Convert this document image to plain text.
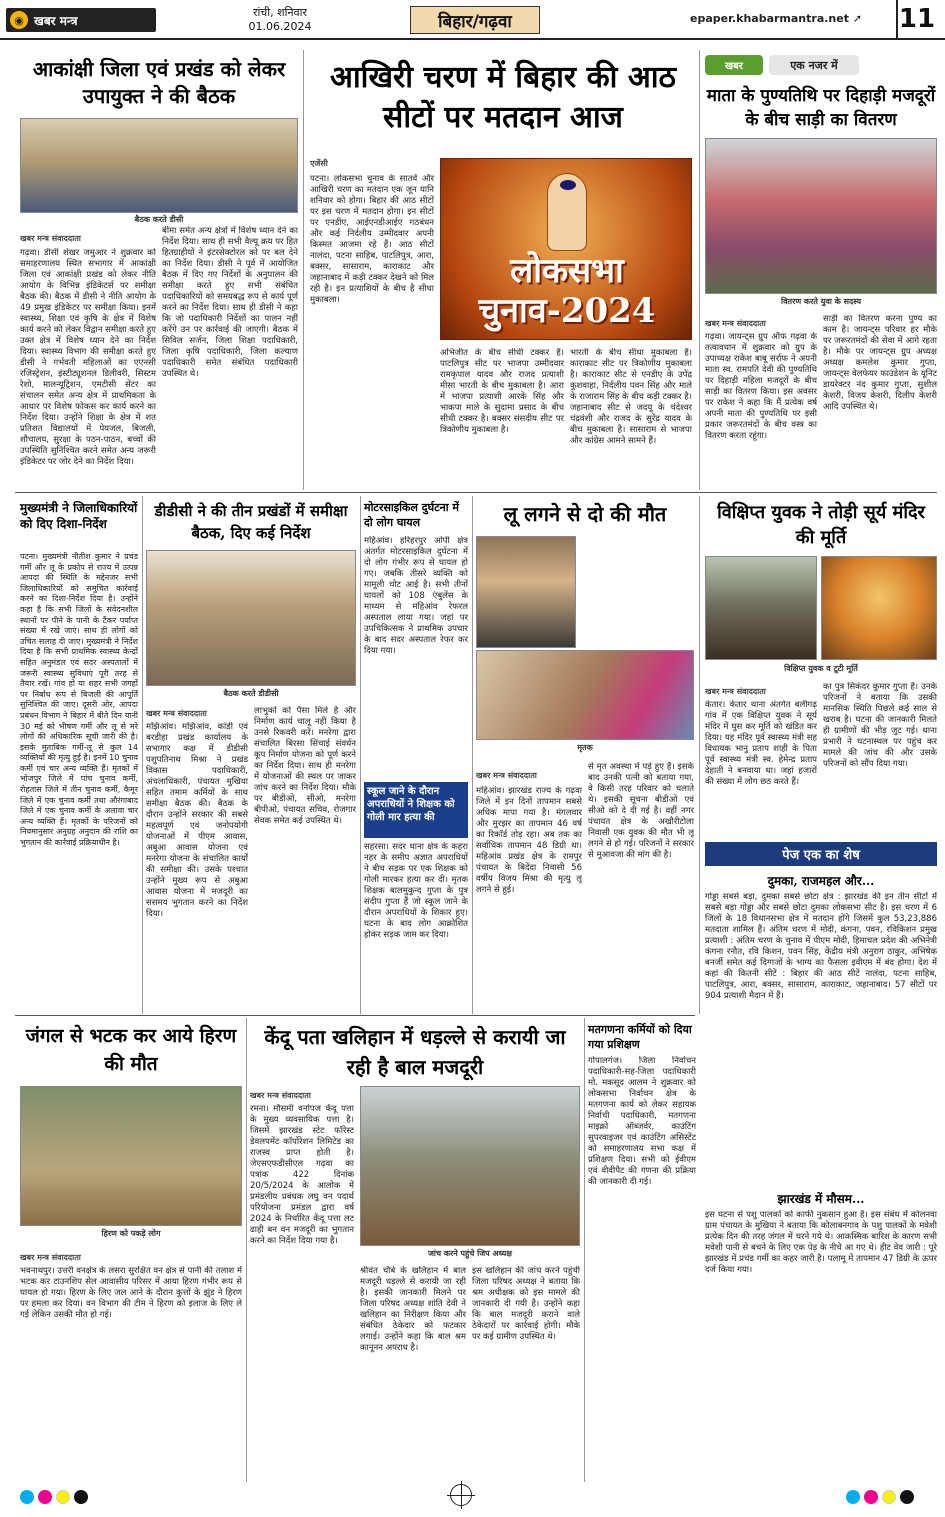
◉ खबर मन्त्र
रांची, शनिवार
01.06.2024	बिहार/गढ़वा	epaper.khabarmantra.net ➚ 11
आकांक्षी जिला एवं प्रखंड को लेकर उपायुक्त ने की बैठक
बैठक करते डीसी
खबर मन्त्र संवाददाता
गढ़वा। डीसी शेखर जमुआर ने शुक्रवार को समाहरणालय स्थित सभागार में आकांक्षी जिला एवं आकांक्षी प्रखंड को लेकर नीति आयोग के विभिन्न इंडिकेटर्स पर समीक्षा बैठक की। बैठक में डीसी ने नीति आयोग के 49 प्रमुख इंडिकेटर पर समीक्षा किया। इनमें स्वास्थ्य, शिक्षा एवं कृषि के क्षेत्र में विशेष कार्य करने को लेकर विद्वान समीक्षा करते हुए उक्त क्षेत्र में विशेष ध्यान देने का निर्देश दिया। स्वास्थ्य विभाग की समीक्षा करते हुए डीसी ने गर्भवती महिलाओं का एएनसी रजिस्ट्रेशन, इंस्टीट्यूशनल डिलीवरी, सिस्टम रेशो, मालन्यूट्रिशन, एमटीसी सेंटर का संचालन समेत अन्य क्षेत्र में प्राथमिकता के आधार पर विशेष फोकस कर कार्य करने का निर्देश दिया। उन्होंने शिक्षा के क्षेत्र में शत प्रतिशत विद्यालयों में पेयजल, बिजली, शौचालय, सुरक्षा के पठन-पाठन, बच्चों की उपस्थिति सुनिश्चित करने समेत अन्य जरूरी इंडिकेटर पर जोर देने का निर्देश दिया।
बीमा समेत अन्य क्षेत्रों में विशेष ध्यान देने का निर्देश दिया। साथ ही सभी वैल्यू क्रय पर हित हितग्राहीयों ने इंटरसेक्टोरल को पर बल देने का निर्देश दिया। डीसी ने पूर्व में आयोजित बैठक में दिए गए निर्देशों के अनुपालन की समीक्षा करते हुए सभी संबंधित पदाधिकारियों को समयबद्ध रूप से कार्य पूर्ण करने का निर्देश दिया। साथ ही डीसी ने कहा कि जो पदाधिकारी निर्देशों का पालन नहीं करेंगे उन पर कार्रवाई की जाएगी। बैठक में सिविल सर्जन, जिला शिक्षा पदाधिकारी, जिला कृषि पदाधिकारी, जिला कल्याण पदाधिकारी समेत संबंधित पदाधिकारी उपस्थित थे।
आखिरी चरण में बिहार की आठ सीटों पर मतदान आज
एजेंसी
पटना। लोकसभा चुनाव के सातवें और आखिरी चरण का मतदान एक जून यानि शनिवार को होगा। बिहार की आठ सीटों पर इस चरण में मतदान होगा। इन सीटों पर एनडीए, आईएनडीआईए गठबंधन और कई निर्दलीय उम्मीदवार अपनी किस्मत आजमा रहे हैं। आठ सीटों नालंदा, पटना साहिब, पाटलिपुत्र, आरा, बक्सर, सासाराम, काराकाट और जहानाबाद में कड़ी टक्कर देखने को मिल रही है। इन प्रत्याशियों के बीच है सीधा मुकाबला।
लोकसभा
चुनाव-2024
अभिजीत के बीच सीधी टक्कर है। पाटलिपुत्र सीट पर भाजपा उम्मीदवार रामकृपाल यादव और राजद प्रत्याशी मीसा भारती के बीच मुकाबला है। आरा में भाजपा प्रत्याशी आरके सिंह और भाकपा माले के सुदामा प्रसाद के बीच सीधी टक्कर है। बक्सर संसदीय सीट पर त्रिकोणीय मुकाबला है।
भारती के बीच सीधा मुकाबला है। काराकाट सीट पर त्रिकोणीय मुकाबला है। काराकाट सीट से एनडीए के उपेंद्र कुशवाहा, निर्दलीय पवन सिंह और माले के राजाराम सिंह के बीच कड़ी टक्कर है। जहानाबाद सीट से जदयू के चंदेश्वर चंद्रवंशी और राजद के सुरेंद्र यादव के बीच मुकाबला है। सासाराम से भाजपा और कांग्रेस आमने सामने हैं।
खबर	एक नजर में
माता के पुण्यतिथि पर दिहाड़ी मजदूरों के बीच साड़ी का वितरण
वितरण करते युवा के सदस्य
खबर मन्त्र संवाददाता
गढ़वा। जायन्ट्स ग्रुप ऑफ गढ़वा के तत्वावधान में शुक्रवार को ग्रुप के उपाध्यक्ष राकेश बाबू सर्राफ ने अपनी माता स्व. रामपति देवी की पुण्यतिथि पर दिहाड़ी महिला मजदूरों के बीच साड़ी का वितरण किया। इस अवसर पर राकेश ने कहा कि मैं प्रत्येक वर्ष अपनी माता की पुण्यतिथि पर इसी प्रकार जरूरतमंदों के बीच वस्त्र का वितरण करता रहूंगा।
साड़ी का वितरण करना पुण्य का काम है। जायन्ट्स परिवार हर मौके पर जरूरतमंदों की सेवा में आगे रहता है। मौके पर जायन्ट्स ग्रुप अध्यक्ष अध्यक्ष कमलेश कुमार गुप्ता, जायन्ट्स वेलफेयर फाउंडेशन के यूनिट डायरेक्टर नंद कुमार गुप्ता, सुशील केशरी, विजय केशरी, दिलीप केशरी आदि उपस्थित थे।
मुख्यमंत्री ने जिलाधिकारियों को दिए दिशा-निर्देश
पटना। मुख्यमंत्री नीतीश कुमार ने प्रचंड गर्मी और लू के प्रकोप से राज्य में उत्पन्न आपदा की स्थिति के मद्देनजर सभी जिलाधिकारियों को समुचित कार्रवाई करने का दिशा-निर्देश दिया है। उन्होंने कहा है कि सभी जिलों के संवेदनशील स्थानों पर पीने के पानी के टैंकर पर्याप्त संख्या में रखे जाएं। साथ ही लोगों को उचित सलाह दी जाए। मुख्यमंत्री ने निर्देश दिया है कि सभी प्राथमिक स्वास्थ्य केन्द्रों सहित अनुमंडल एवं सदर अस्पतालों में जरूरी स्वास्थ्य सुविधाएं पूरी तरह से तैयार रखें। गांव हो या शहर सभी जगहों पर निर्बाध रूप से बिजली की आपूर्ति सुनिश्चित की जाए। दूसरी ओर, आपदा प्रबंधन विभाग ने बिहार में बीते दिन यानी 30 मई को भीषण गर्मी और लू से मरे लोगों की अधिकारिक सूची जारी की है। इसके मुताबिक गर्मी-लू से कुल 14 व्यक्तियों की मृत्यु हुई है। इनमें 10 चुनाव कर्मी एवं चार अन्य व्यक्ति हैं। मृतकों में भोजपुर जिले में पांच चुनाव कर्मी, रोहतास जिले में तीन चुनाव कर्मी, कैमूर जिले में एक चुनाव कर्मी तथा औरंगाबाद जिले में एक चुनाव कर्मी के अलावा चार अन्य व्यक्ति हैं। मृतकों के परिजनों को नियमानुसार अनुग्रह अनुदान की राशि का भुगतान की कार्रवाई प्रक्रियाधीन है।
डीडीसी ने की तीन प्रखंडों में समीक्षा बैठक, दिए कई निर्देश
बैठक करते डीडीसी
खबर मन्त्र संवाददाता
मझिआंव। मझिआंव, कांडी एवं बरडीहा प्रखंड कार्यालय के सभागार कक्ष में डीडीसी पशुपतिनाथ मिश्रा ने प्रखंड विकास पदाधिकारी, अंचलाधिकारी, पंचायत मुखिया सहित तमाम कर्मियों के साथ समीक्षा बैठक की। बैठक के दौरान उन्होंने सरकार की सबसे महत्वपूर्ण एवं जनोपयोगी योजनाओं में पीएम आवास, अबुआ आवास योजना एवं मनरेगा योजना के संचालित कार्यों की समीक्षा की। उसके पश्चात उन्होंने मुख्य रूप से अबुआ आवास योजना में मजदूरी का ससमय भुगतान करने का निर्देश दिया।
लाभुकों को पैसा मिले है और निर्माण कार्य चालू नहीं किया है उनसे रिकवरी करें। मनरेगा द्वारा संचालित बिरसा सिंचाई संवर्धन कूप निर्माण योजना को पूर्ण करने का निर्देश दिया। साथ ही मनरेगा में योजनाओं की स्थल पर जाकर जांच करने का निर्देश दिया। मौके पर बीडीओ, सीओ, मनरेगा बीपीओ, पंचायत सचिव, रोजगार सेवक समेत कई उपस्थित थे।
मोटरसाइकिल दुर्घटना में दो लोग घायल
महिआंव। हरिहरपुर ओपी क्षेत्र अंतर्गत मोटरसाइकिल दुर्घटना में दो लोग गंभीर रूप से घायल हो गए। जबकि तीसरे व्यक्ति को मामूली चोट आई है। सभी तीनों घायलों को 108 एंबुलेंस के माध्यम से महिआंव रेफरल अस्पताल लाया गया। जहां पर उपचिकित्सक ने प्राथमिक उपचार के बाद सदर अस्पताल रेफर कर दिया गया।
स्कूल जाने के दौरान अपराधियों ने शिक्षक को गोली मार हत्या की
सहरसा। सदर थाना क्षेत्र के कहरा नहर के समीप अज्ञात अपराधियों ने बीच सड़क पर एक शिक्षक को गोली मारकर हत्या कर दी। मृतक शिक्षक बालमुकुन्द गुप्ता के पुत्र संदीप गुप्ता हैं जो स्कूल जाने के दौरान अपराधियों के शिकार हुए। घटना के बाद लोग आक्रोशित होकर सड़क जाम कर दिया।
लू लगने से दो की मौत
मृतक
खबर मन्त्र संवाददाता
महिआंव। झारखंड राज्य के गढ़वा जिले में इन दिनों तापमान सबसे अधिक मापा गया है। मंगलवार और मुरझर का तापमान 46 वर्ष का रिकॉर्ड तोड़ रहा। अब तक का सर्वाधिक तापमान 48 डिग्री था। महिआंव प्रखंड क्षेत्र के रामपुर पंचायत के बिदेंदा निवासी 56 वर्षीय विजय मिश्रा की मृत्यु लू लगने से हुई।
से मृत अवस्था में पड़े हुए हैं। इसके बाद उनकी पत्नी को बताया गया, वे किसी तरह परिवार को चलाते थे। इसकी सूचना बीडीओ एवं सीओ को दे दी गई है। वहीं नगर पंचायत क्षेत्र के अखौरीटोला निवासी एक युवक की मौत भी लू लगने से हो गई। परिजनों ने सरकार से मुआवजा की मांग की है।
विक्षिप्त युवक ने तोड़ी सूर्य मंदिर की मूर्ति
विक्षिप्त युवक व टूटी मूर्ति
खबर मन्त्र संवाददाता
केतार। केतार थाना अंतर्गत बलीगढ़ गांव में एक विक्षिप्त युवक ने सूर्य मंदिर में घुस कर मूर्ति को खंडित कर दिया। यह मंदिर पूर्व स्वास्थ्य मंत्री सह विधायक भानु प्रताप शाही के पिता पूर्व स्वास्थ्य मंत्री स्व. हेमेन्द्र प्रताप देहाती ने बनवाया था। जहां हजारों की संख्या में लोग छठ करते हैं।
का पुत्र सिकंदर कुमार गुप्ता है। उनके परिजनों ने बताया कि उसकी मानसिक स्थिति पिछले कई साल से खराब है। घटना की जानकारी मिलते ही ग्रामीणों की भीड़ जुट गई। थाना प्रभारी ने घटनास्थल पर पहुंच कर मामले की जांच की और उसके परिजनों को सौंप दिया गया।
पेज एक का शेष
दुमका, राजमहल और...
गोड्डा सबसे बड़ा, दुमका सबसे छोटा क्षेत्र : झारखंड की इन तीन सीटों में सबसे बड़ा गोड्डा और सबसे छोटा दुमका लोकसभा सीट है। इस चरण में 6 जिलों के 18 विधानसभा क्षेत्र में मतदान होंगे जिसमें कुल 53,23,886 मतदाता शामिल हैं। अंतिम चरण में मोदी, कंगना, पवन, रविकिशन प्रमुख प्रत्याशी : अंतिम चरण के चुनाव में पीएम मोदी, हिमाचल प्रदेश की अभिनेत्री कंगना रनौत, रवि किशन, पवन सिंह, केंद्रीय मंत्री अनुराग ठाकुर, अभिषेक बनर्जी समेत कई दिग्गजों के भाग्य का फैसला इवीएम में बंद होगा। देश में कहां की कितनी सीटें : बिहार की आठ सीटें नालंदा, पटना साहिब, पाटलिपुत्र, आरा, बक्सर, सासाराम, काराकाट, जहानाबाद। 57 सीटों पर 904 प्रत्याशी मैदान में हैं।
झारखंड में मौसम...
इस घटना से पशु पालकों को काफी नुकसान हुआ है। इस संबंध में कोलनवा ग्राम पंचायत के मुखिया ने बताया कि कोलाबनगाव के पशु पालकों के मवेशी प्रत्येक दिन की तरह जंगल में चरने गये थे। आकस्मिक बारिश के कारण सभी मवेशी पानी से बचने के लिए एक पेड़ के नीचे आ गए थे। हीट वेव जारी : पूरे झारखंड में प्रचंड गर्मी का कहर जारी है। पलामू में तापमान 47 डिग्री के ऊपर दर्ज किया गया।
जंगल से भटक कर आये हिरण की मौत
हिरण को पकड़े लोग
खबर मन्त्र संवाददाता
भवनाथपुर। उत्तरी वनक्षेत्र के लसरा सुरक्षित वन क्षेत्र से पानी की तलाश में भटक कर टाउनशिप सेल आवासीय परिसर में आया हिरण गंभीर रूप से घायल हो गया। हिरण के लिए जल आने के दौरान कुत्तों के झुंड ने हिरण पर हमला कर दिया। वन विभाग की टीम ने हिरण को इलाज के लिए ले गई लेकिन उसकी मौत हो गई।
केंदू पता खलिहान में धड़ल्ले से करायी जा रही है बाल मजदूरी
खबर मन्त्र संवाददाता
रमना। मौसमी वनोपज केंदू पत्ता के मुख्य व्यवसायिक पत्ता है। जिसमें झारखंड स्टेट फॉरेस्ट डेवलपमेंट कॉर्पोरेशन लिमिटेड का राजस्व प्राप्त होती है। जेएसएफडीसीएल गढ़वा का पत्रांक 422 दिनांक 20/5/2024 के आलोक में प्रमंडलीय प्रबंधक लघु वन पदार्थ परियोजना प्रमंडल द्वारा वर्ष 2024 के निर्धारित केंदू पत्ता लट ढाही बन वन मजदूरी का भुगतान करने का निर्देश दिया गया है।
जांच करने पहुंचे जिप अध्यक्ष
श्रीवंत चौबे के खलिहान में बाल मजदूरी धड़ल्ले से करायी जा रही है। इसकी जानकारी मिलने पर जिला परिषद अध्यक्ष शांति देवी ने खलिहान का निरीक्षण किया और संबंधित ठेकेदार को फटकार लगाई। उन्होंने कहा कि बाल श्रम कानूनन अपराध है।
इस खलिहान की जांच करने पहुंची जिला परिषद अध्यक्ष ने बताया कि श्रम अधीक्षक को इस मामले की जानकारी दी गयी है। उन्होंने कहा कि बाल मजदूरी कराने वाले ठेकेदारों पर कार्रवाई होगी। मौके पर कई ग्रामीण उपस्थित थे।
मतगणना कर्मियों को दिया गया प्रशिक्षण
गोपालगंज। जिला निर्वाचन पदाधिकारी-सह-जिला पदाधिकारी मो. मकसूद आलम ने शुक्रवार को लोकसभा निर्वाचन क्षेत्र के मतगणना कार्य को लेकर सहायक निर्वाची पदाधिकारी, मतगणना माइक्रो ऑब्जर्वर, काउंटिंग सुपरवाइजर एवं काउंटिंग असिस्टेंट को समाहरणालय सभा कक्ष में प्रशिक्षण दिया। सभी को ईवीएम एवं वीवीपैट की गणना की प्रक्रिया की जानकारी दी गई।
